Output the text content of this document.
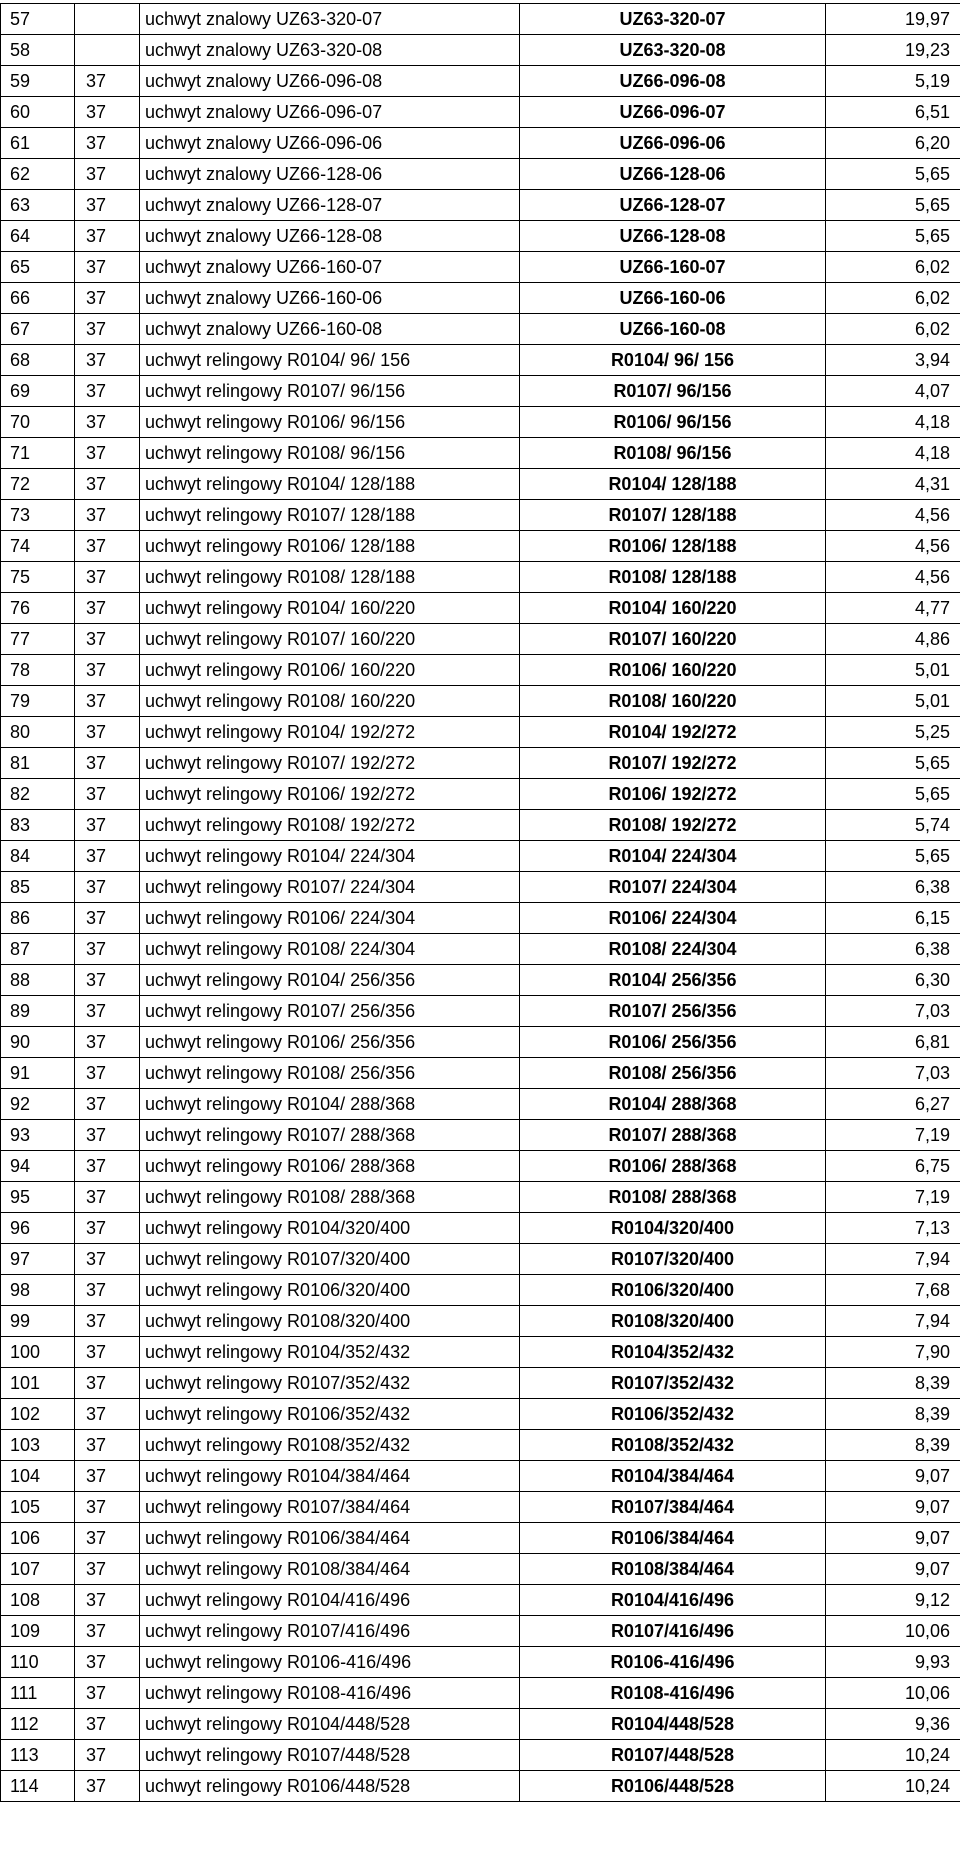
57		uchwyt znalowy UZ63-320-07	UZ63-320-07	19,97
58		uchwyt znalowy UZ63-320-08	UZ63-320-08	19,23
59	37	uchwyt znalowy UZ66-096-08	UZ66-096-08	5,19
60	37	uchwyt znalowy UZ66-096-07	UZ66-096-07	6,51
61	37	uchwyt znalowy UZ66-096-06	UZ66-096-06	6,20
62	37	uchwyt znalowy UZ66-128-06	UZ66-128-06	5,65
63	37	uchwyt znalowy UZ66-128-07	UZ66-128-07	5,65
64	37	uchwyt znalowy UZ66-128-08	UZ66-128-08	5,65
65	37	uchwyt znalowy UZ66-160-07	UZ66-160-07	6,02
66	37	uchwyt znalowy UZ66-160-06	UZ66-160-06	6,02
67	37	uchwyt znalowy UZ66-160-08	UZ66-160-08	6,02
68	37	uchwyt relingowy R0104/ 96/ 156	R0104/ 96/ 156	3,94
69	37	uchwyt relingowy R0107/ 96/156	R0107/ 96/156	4,07
70	37	uchwyt relingowy R0106/ 96/156	R0106/ 96/156	4,18
71	37	uchwyt relingowy R0108/ 96/156	R0108/ 96/156	4,18
72	37	uchwyt relingowy R0104/ 128/188	R0104/ 128/188	4,31
73	37	uchwyt relingowy R0107/ 128/188	R0107/ 128/188	4,56
74	37	uchwyt relingowy R0106/ 128/188	R0106/ 128/188	4,56
75	37	uchwyt relingowy R0108/ 128/188	R0108/ 128/188	4,56
76	37	uchwyt relingowy R0104/ 160/220	R0104/ 160/220	4,77
77	37	uchwyt relingowy R0107/ 160/220	R0107/ 160/220	4,86
78	37	uchwyt relingowy R0106/ 160/220	R0106/ 160/220	5,01
79	37	uchwyt relingowy R0108/ 160/220	R0108/ 160/220	5,01
80	37	uchwyt relingowy R0104/ 192/272	R0104/ 192/272	5,25
81	37	uchwyt relingowy R0107/ 192/272	R0107/ 192/272	5,65
82	37	uchwyt relingowy R0106/ 192/272	R0106/ 192/272	5,65
83	37	uchwyt relingowy R0108/ 192/272	R0108/ 192/272	5,74
84	37	uchwyt relingowy R0104/ 224/304	R0104/ 224/304	5,65
85	37	uchwyt relingowy R0107/ 224/304	R0107/ 224/304	6,38
86	37	uchwyt relingowy R0106/ 224/304	R0106/ 224/304	6,15
87	37	uchwyt relingowy R0108/ 224/304	R0108/ 224/304	6,38
88	37	uchwyt relingowy R0104/ 256/356	R0104/ 256/356	6,30
89	37	uchwyt relingowy R0107/ 256/356	R0107/ 256/356	7,03
90	37	uchwyt relingowy R0106/ 256/356	R0106/ 256/356	6,81
91	37	uchwyt relingowy R0108/ 256/356	R0108/ 256/356	7,03
92	37	uchwyt relingowy R0104/ 288/368	R0104/ 288/368	6,27
93	37	uchwyt relingowy R0107/ 288/368	R0107/ 288/368	7,19
94	37	uchwyt relingowy R0106/ 288/368	R0106/ 288/368	6,75
95	37	uchwyt relingowy R0108/ 288/368	R0108/ 288/368	7,19
96	37	uchwyt relingowy R0104/320/400	R0104/320/400	7,13
97	37	uchwyt relingowy R0107/320/400	R0107/320/400	7,94
98	37	uchwyt relingowy R0106/320/400	R0106/320/400	7,68
99	37	uchwyt relingowy R0108/320/400	R0108/320/400	7,94
100	37	uchwyt relingowy R0104/352/432	R0104/352/432	7,90
101	37	uchwyt relingowy R0107/352/432	R0107/352/432	8,39
102	37	uchwyt relingowy R0106/352/432	R0106/352/432	8,39
103	37	uchwyt relingowy R0108/352/432	R0108/352/432	8,39
104	37	uchwyt relingowy R0104/384/464	R0104/384/464	9,07
105	37	uchwyt relingowy R0107/384/464	R0107/384/464	9,07
106	37	uchwyt relingowy R0106/384/464	R0106/384/464	9,07
107	37	uchwyt relingowy R0108/384/464	R0108/384/464	9,07
108	37	uchwyt relingowy R0104/416/496	R0104/416/496	9,12
109	37	uchwyt relingowy R0107/416/496	R0107/416/496	10,06
110	37	uchwyt relingowy R0106-416/496	R0106-416/496	9,93
111	37	uchwyt relingowy R0108-416/496	R0108-416/496	10,06
112	37	uchwyt relingowy R0104/448/528	R0104/448/528	9,36
113	37	uchwyt relingowy R0107/448/528	R0107/448/528	10,24
114	37	uchwyt relingowy R0106/448/528	R0106/448/528	10,24
